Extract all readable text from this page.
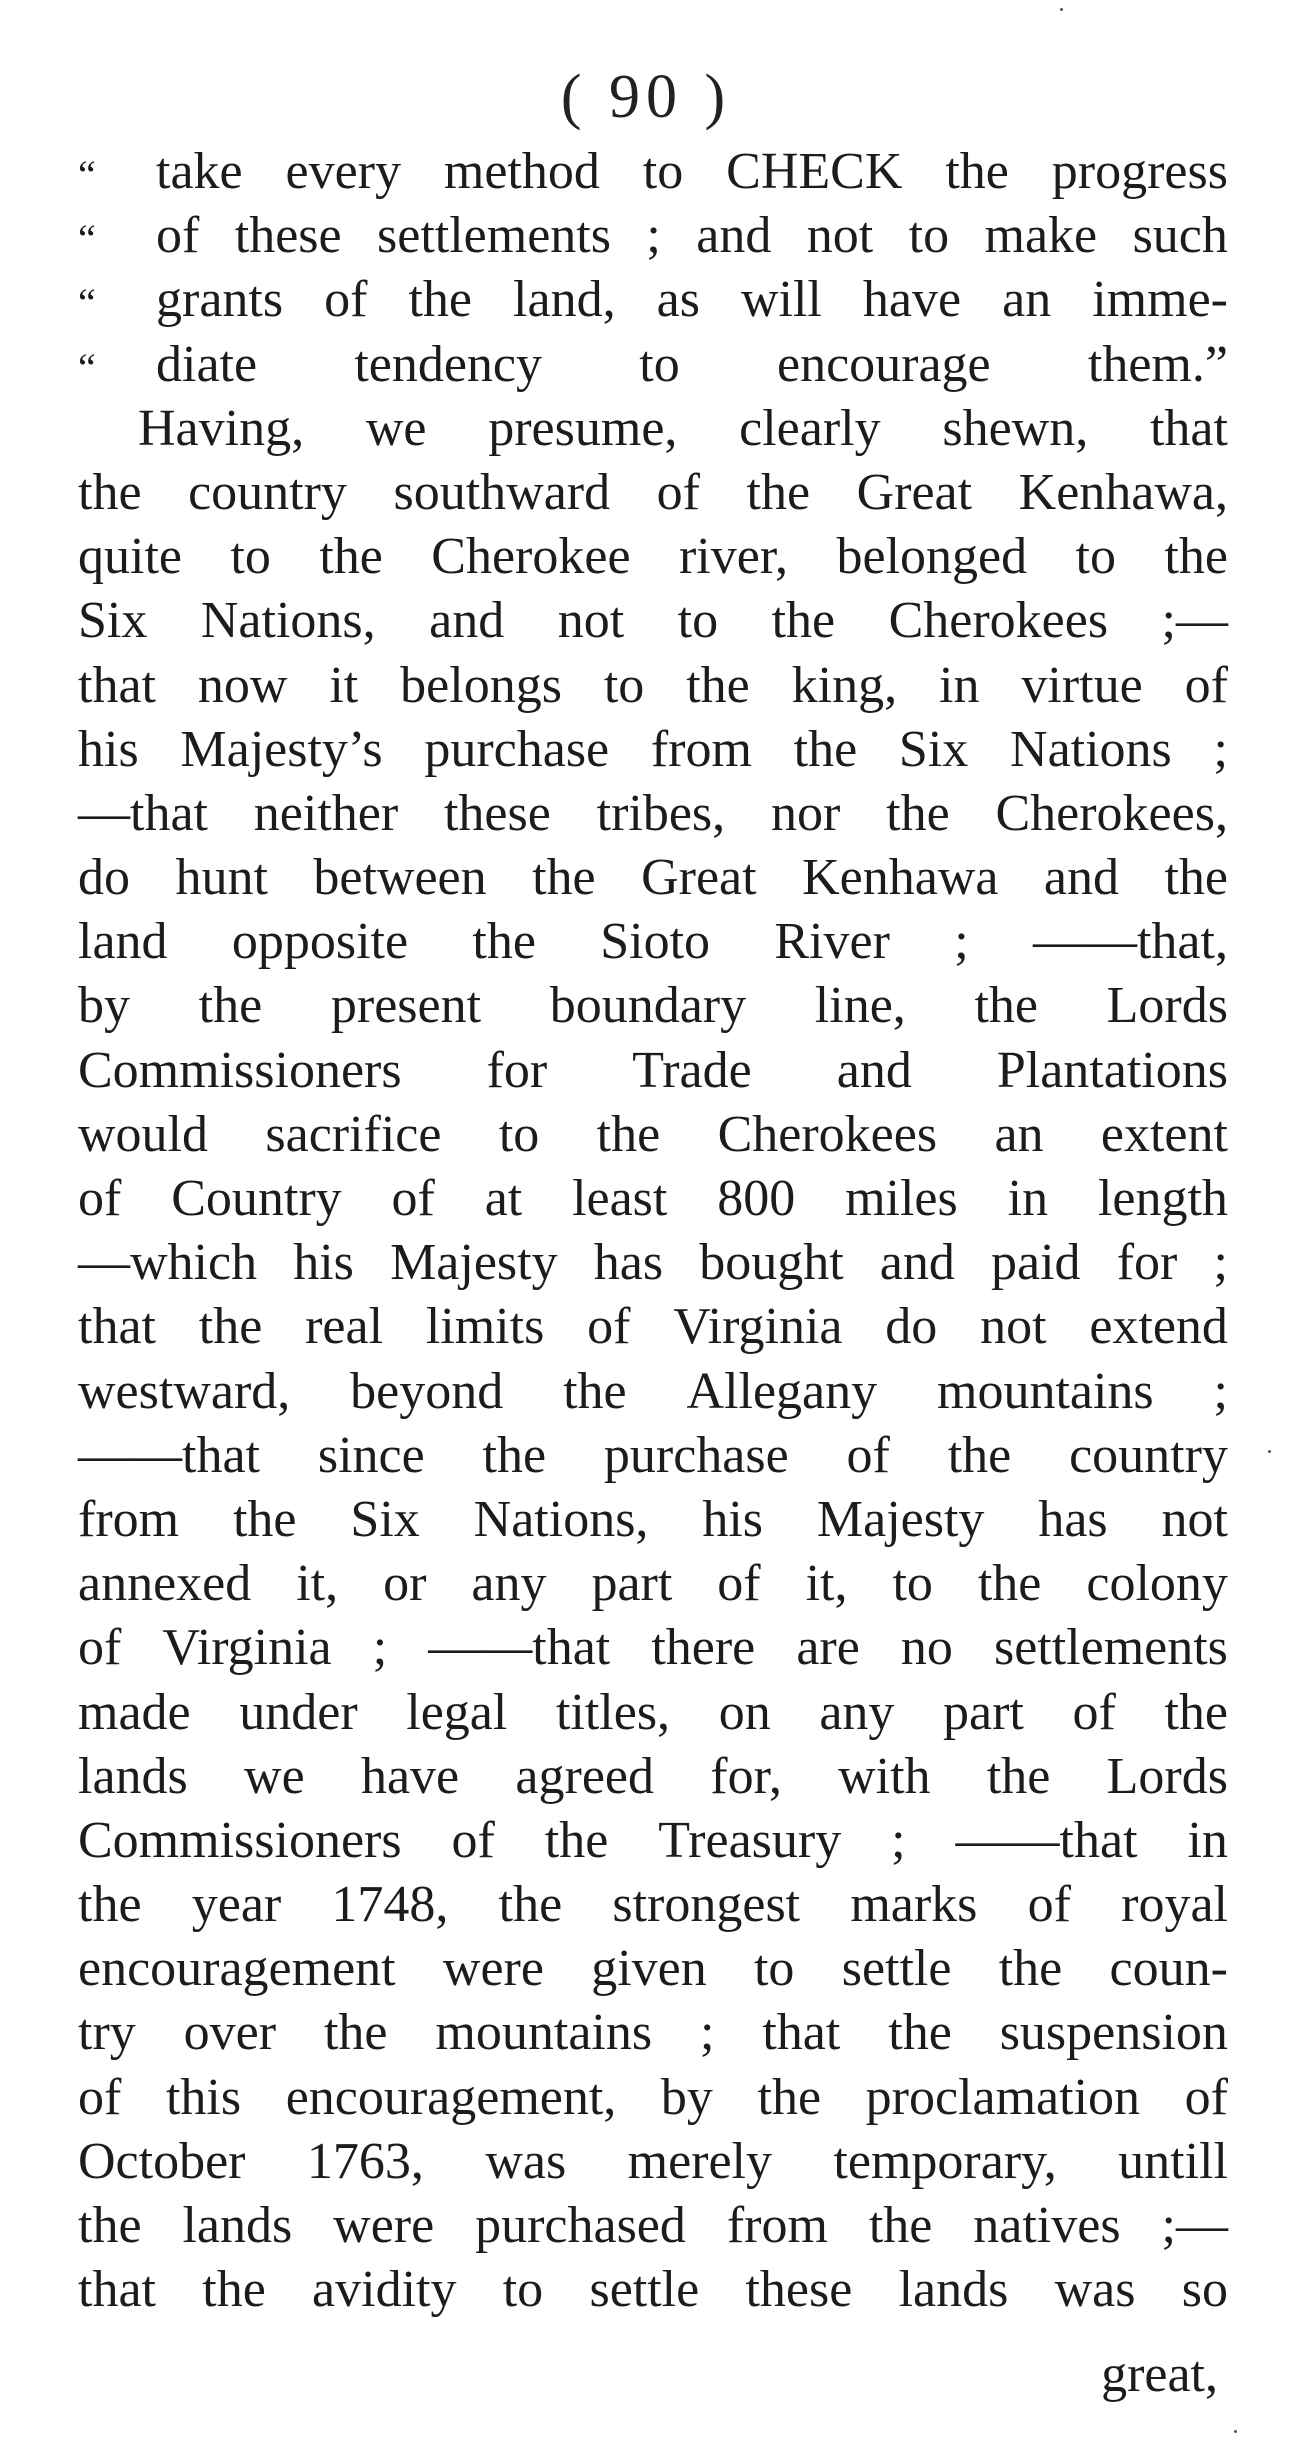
( 90 )
“	take every method to CHECK the progress
“	of these settlements ; and not to make such
“	grants of the land, as will have an imme-
“	diate tendency to encourage them.”
Having, we presume, clearly shewn, that
the country southward of the Great Kenhawa,
quite to the Cherokee river, belonged to the
Six Nations, and not to the Cherokees ;—
that now it belongs to the king, in virtue of
his Majesty’s purchase from the Six Nations ;
—that neither these tribes, nor the Cherokees,
do hunt between the Great Kenhawa and the
land opposite the Sioto River ; ——that,
by the present boundary line, the Lords
Commissioners for Trade and Plantations
would sacrifice to the Cherokees an extent
of Country of at least 800 miles in length
—which his Majesty has bought and paid for ;
that the real limits of Virginia do not extend
westward, beyond the Allegany mountains ;
——that since the purchase of the country
from the Six Nations, his Majesty has not
annexed it, or any part of it, to the colony
of Virginia ; ——that there are no settlements
made under legal titles, on any part of the
lands we have agreed for, with the Lords
Commissioners of the Treasury ; ——that in
the year 1748, the strongest marks of royal
encouragement were given to settle the coun-
try over the mountains ; that the suspension
of this encouragement, by the proclamation of
October 1763, was merely temporary, untill
the lands were purchased from the natives ;—
that the avidity to settle these lands was so
great,
